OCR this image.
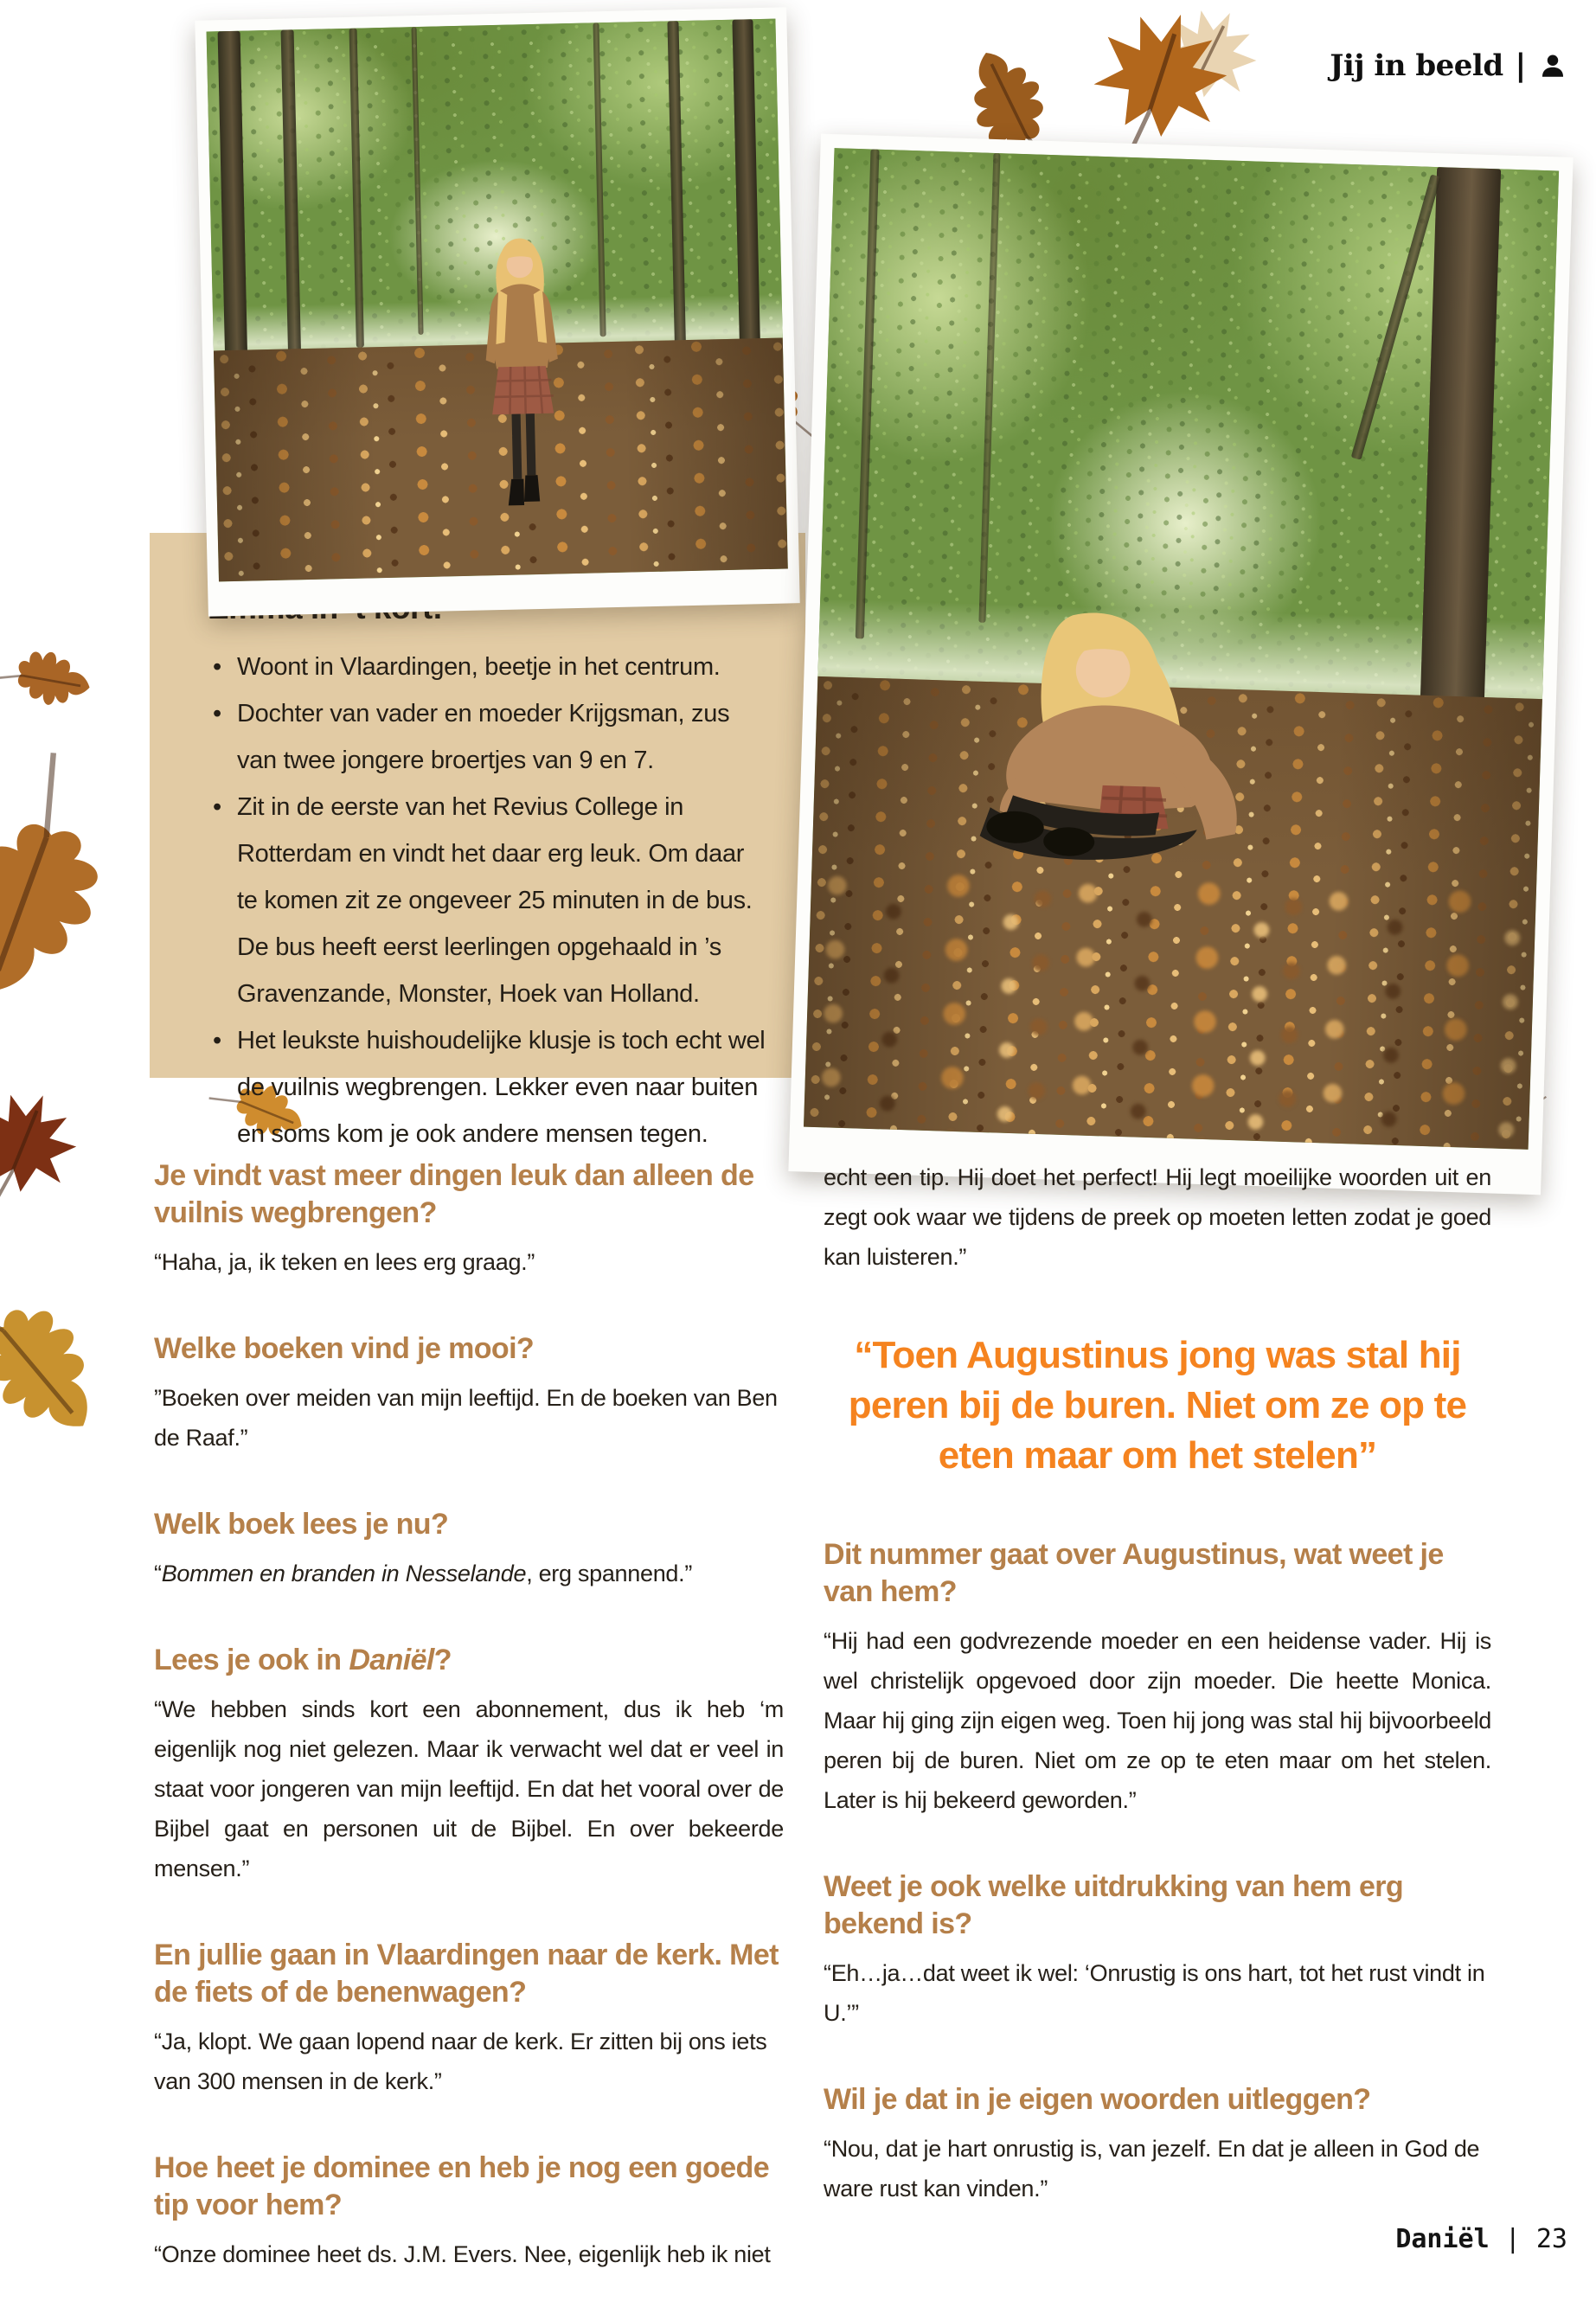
Jij in beeld |
• Woont in Vlaardingen, beetje in het centrum.
• Dochter van vader en moeder Krijgsman, zus van twee jongere broertjes van 9 en 7.
• Zit in de eerste van het Revius College in Rotterdam en vindt het daar erg leuk. Om daar te komen zit ze ongeveer 25 minuten in de bus. De bus heeft eerst leerlingen opgehaald in ’s Gravenzande, Monster, Hoek van Holland.
• Het leukste huishoudelijke klusje is toch echt wel de vuilnis wegbrengen. Lekker even naar buiten en soms kom je ook andere mensen tegen.
Je vindt vast meer dingen leuk dan alleen de vuilnis wegbrengen?

“Haha, ja, ik teken en lees erg graag.”

Welke boeken vind je mooi?

”Boeken over meiden van mijn leeftijd. En de boeken van Ben de Raaf.”

Welk boek lees je nu?

“Bommen en branden in Nesselande, erg spannend.”

Lees je ook in Daniël?

“We hebben sinds kort een abonnement, dus ik heb ‘m eigenlijk nog niet gelezen. Maar ik verwacht wel dat er veel in staat voor jongeren van mijn leeftijd. En dat het vooral over de Bijbel gaat en personen uit de Bijbel. En over bekeerde mensen.”

En jullie gaan in Vlaardingen naar de kerk. Met de fiets of de benenwagen?

“Ja, klopt. We gaan lopend naar de kerk. Er zitten bij ons iets van 300 mensen in de kerk.”

Hoe heet je dominee en heb je nog een goede tip voor hem?

“Onze dominee heet ds. J.M. Evers. Nee, eigenlijk heb ik niet

echt een tip. Hij doet het perfect! Hij legt moeilijke woorden uit en zegt ook waar we tijdens de preek op moeten letten zodat je goed kan luisteren.”

“Toen Augustinus jong was stal hij peren bij de buren. Niet om ze op te eten maar om het stelen”

Dit nummer gaat over Augustinus, wat weet je van hem?

“Hij had een godvrezende moeder en een heidense vader. Hij is wel christelijk opgevoed door zijn moeder. Die heette Monica. Maar hij ging zijn eigen weg. Toen hij jong was stal hij bijvoorbeeld peren bij de buren. Niet om ze op te eten maar om het stelen. Later is hij bekeerd geworden.”

Weet je ook welke uitdrukking van hem erg bekend is?

“Eh…ja…dat weet ik wel: ‘Onrustig is ons hart, tot het rust vindt in U.’”

Wil je dat in je eigen woorden uitleggen?

“Nou, dat je hart onrustig is, van jezelf. En dat je alleen in God de ware rust kan vinden.”

Daniël | 23
